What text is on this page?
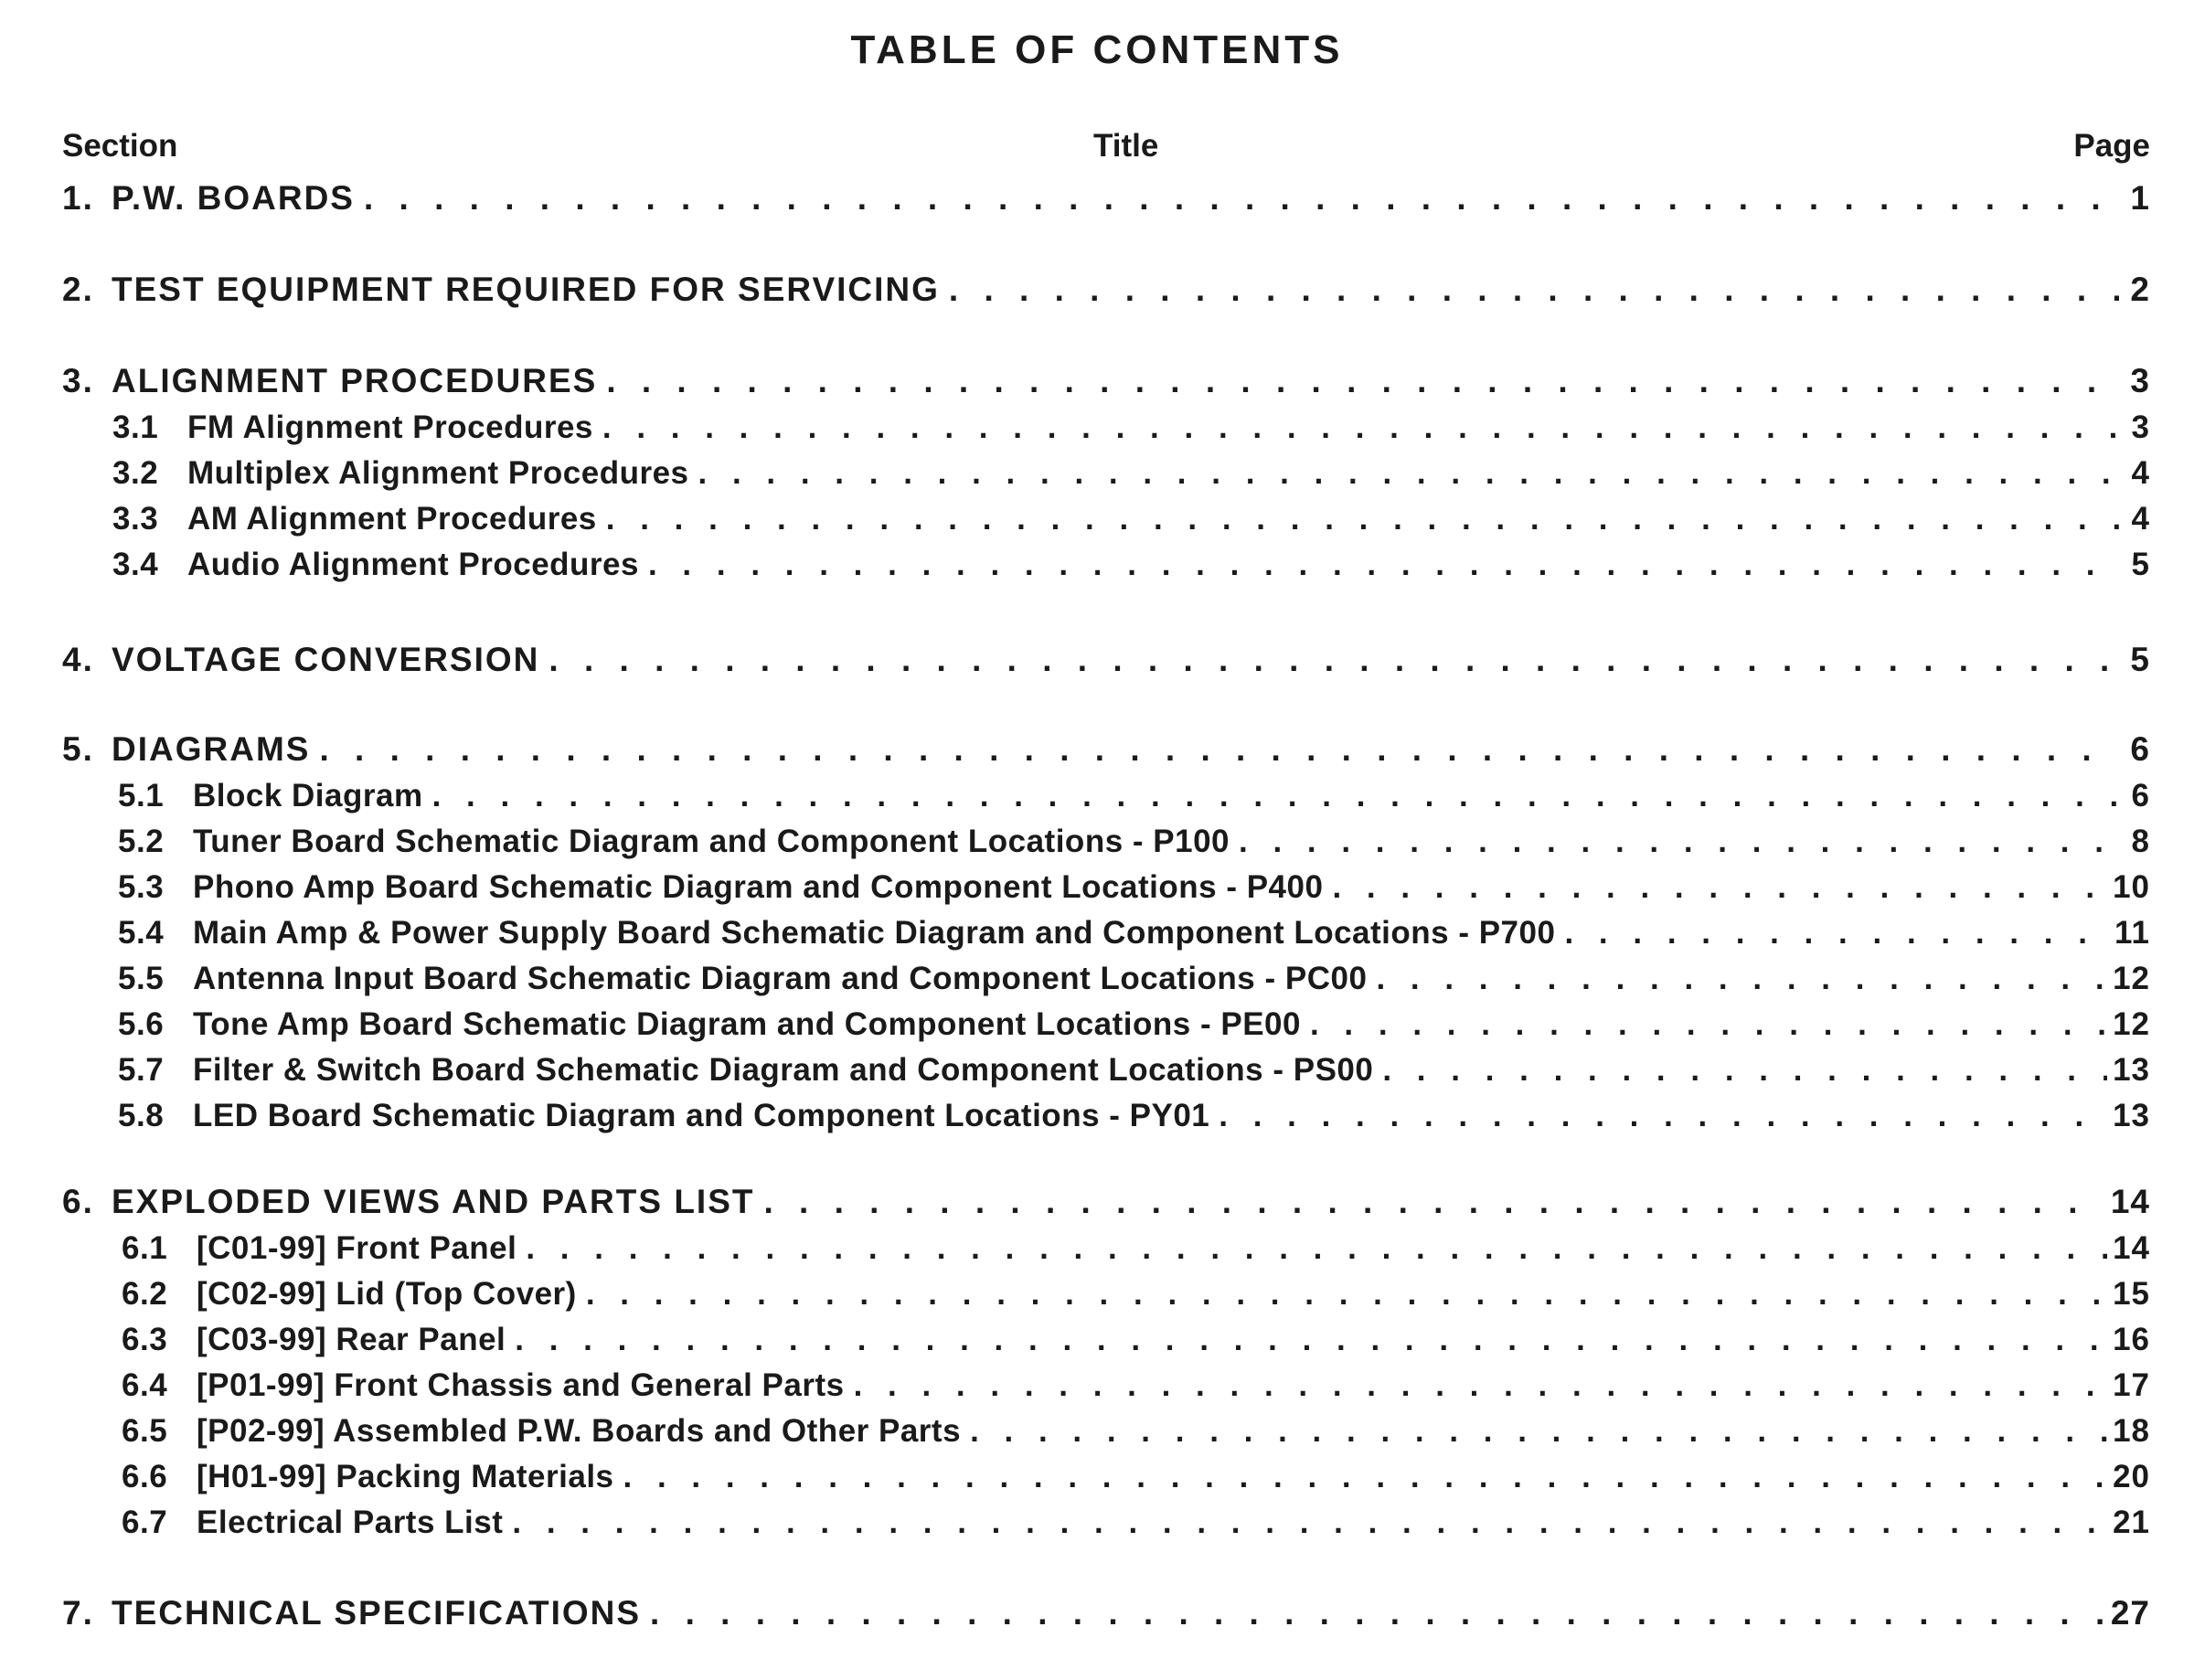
TABLE OF CONTENTS
Section	Title	Page
1. P.W. BOARDS . . .	1
2. TEST EQUIPMENT REQUIRED FOR SERVICING . . .	2
3. ALIGNMENT PROCEDURES . . .	3
3.1 FM Alignment Procedures . . .	3
3.2 Multiplex Alignment Procedures . . .	4
3.3 AM Alignment Procedures . . .	4
3.4 Audio Alignment Procedures . . .	5
4. VOLTAGE CONVERSION . . .	5
5. DIAGRAMS . . .	6
5.1 Block Diagram . . .	6
5.2 Tuner Board Schematic Diagram and Component Locations - P100 . . .	8
5.3 Phono Amp Board Schematic Diagram and Component Locations - P400 . . .	10
5.4 Main Amp & Power Supply Board Schematic Diagram and Component Locations - P700 . . .	11
5.5 Antenna Input Board Schematic Diagram and Component Locations - PC00 . . .	12
5.6 Tone Amp Board Schematic Diagram and Component Locations - PE00 . . .	12
5.7 Filter & Switch Board Schematic Diagram and Component Locations - PS00 . . .	13
5.8 LED Board Schematic Diagram and Component Locations - PY01 . . .	13
6. EXPLODED VIEWS AND PARTS LIST . . .	14
6.1 [C01-99] Front Panel . . .	14
6.2 [C02-99] Lid (Top Cover) . . .	15
6.3 [C03-99] Rear Panel . . .	16
6.4 [P01-99] Front Chassis and General Parts . . .	17
6.5 [P02-99] Assembled P.W. Boards and Other Parts . . .	18
6.6 [H01-99] Packing Materials . . .	20
6.7 Electrical Parts List . . .	21
7. TECHNICAL SPECIFICATIONS . . .	27
